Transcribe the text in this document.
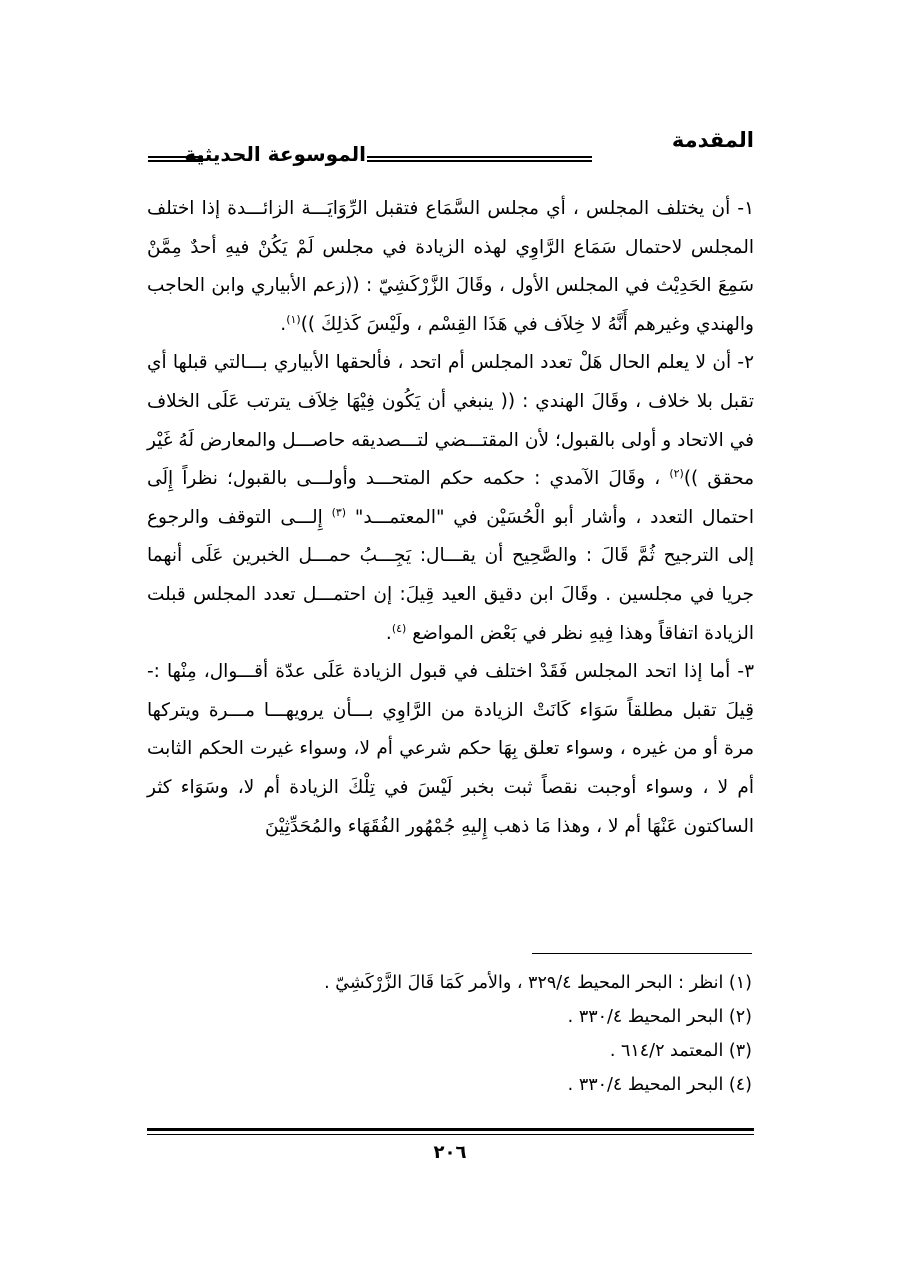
المقدمة
الموسوعة الحديثية

١- أن يختلف المجلس ، أي مجلس السَّمَاع فتقبل الرِّوَايَـــة الزائـــدة إذا اختلف المجلس لاحتمال سَمَاع الرَّاوِي لهذه الزيادة في مجلس لَمْ يَكُنْ فيهِ أحدٌ مِمَّنْ سَمِعَ الحَدِيْث في المجلس الأول ، وقَالَ الزَّرْكَشِيّ : ((زعم الأبياري وابن الحاجب والهندي وغيرهم أَنَّهُ لا خِلاَف في هَذَا القِسْم ، ولَيْسَ كَذلِكَ ))$^{(١)}$.

٢- أن لا يعلم الحال هَلْ تعدد المجلس أم اتحد ، فألحقها الأبياري بـــالتي قبلها أي تقبل بلا خلاف ، وقَالَ الهندي : (( ينبغي أن يَكُون فِيْهَا خِلاَف يترتب عَلَى الخلاف في الاتحاد و أولى بالقبول؛ لأن المقتـــضي لتـــصديقه حاصـــل والمعارض لَهُ غَيْر محقق ))$^{(٢)}$ ، وقَالَ الآمدي : حكمه حكم المتحـــد وأولـــى بالقبول؛ نظراً إِلَى احتمال التعدد ، وأشار أبو الْحُسَيْن في "المعتمـــد" $^{(٣)}$ إِلـــى التوقف والرجوع إلى الترجيح ثُمَّ قَالَ : والصَّحِيح أن يقـــال: يَجِـــبُ حمـــل الخبرين عَلَى أنهما جريا في مجلسين . وقَالَ ابن دقيق العيد قِيلَ: إن احتمـــل تعدد المجلس قبلت الزيادة اتفاقاً وهذا فِيهِ نظر في بَعْض المواضع $^{(٤)}$.

٣- أما إذا اتحد المجلس فَقَدْ اختلف في قبول الزيادة عَلَى عدّة أقـــوال، مِنْها :- قِيلَ تقبل مطلقاً سَوَاء كَانَتْ الزيادة من الرَّاوِي بـــأن يرويهـــا مـــرة ويتركها مرة أو من غيره ، وسواء تعلق بِهَا حكم شرعي أم لا، وسواء غيرت الحكم الثابت أم لا ، وسواء أوجبت نقصاً ثبت بخبر لَيْسَ في تِلْكَ الزيادة أم لا، وسَوَاء كثر الساكتون عَنْهَا أم لا ، وهذا مَا ذهب إِليهِ جُمْهُور الفُقَهَاء والمُحَدِّثِيْنَ

(١) انظر : البحر المحيط ٣٢٩/٤ ، والأمر كَمَا قَالَ الزَّرْكَشِيّ .

(٢) البحر المحيط ٣٣٠/٤ .

(٣) المعتمد ٦١٤/٢ .

(٤) البحر المحيط ٣٣٠/٤ .

٢٠٦
